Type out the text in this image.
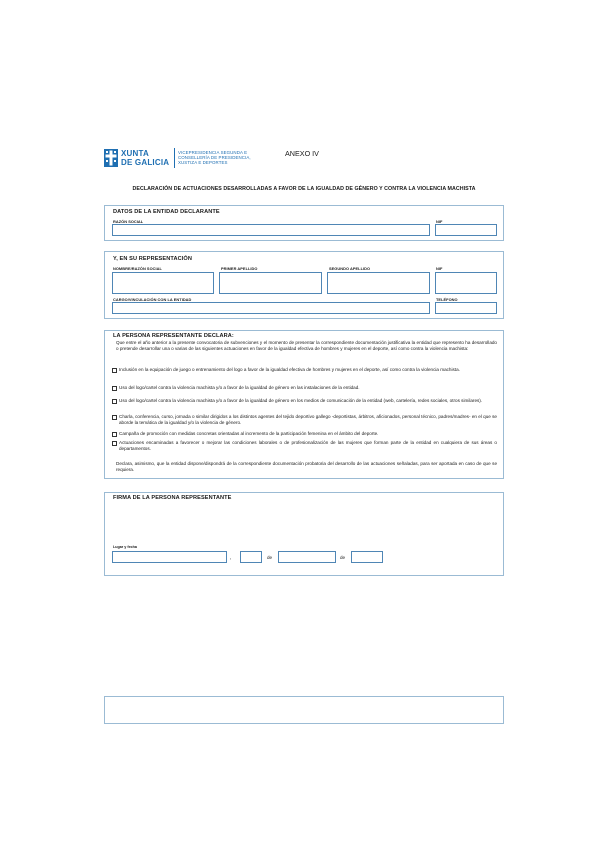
XUNTA
DE GALICIA
VICEPRESIDENCIA SEGUNDA E
CONSELLERÍA DE PRESIDENCIA,
XUSTIZA E DEPORTES
ANEXO IV
DECLARACIÓN DE ACTUACIONES DESARROLLADAS A FAVOR DE LA IGUALDAD DE GÉNERO Y CONTRA LA VIOLENCIA MACHISTA
DATOS DE LA ENTIDAD DECLARANTE
RAZÓN SOCIAL	NIF
Y, EN SU REPRESENTACIÓN
NOMBRE/RAZÓN SOCIAL	PRIMER APELLIDO	SEGUNDO APELLIDO	NIF
CARGO/VINCULACIÓN CON LA ENTIDAD	TELÉFONO
LA PERSONA REPRESENTANTE DECLARA:
Que entre el año anterior a la presente convocatoria de subvenciones y el momento de presentar la correspondiente documentación justificativa la entidad que represento ha desarrollado o pretende desarrollar una o varias de las siguientes actuaciones en favor de la igualdad efectiva de hombres y mujeres en el deporte, así como contra la violencia machista:
Inclusión en la equipación de juego o entrenamiento del logo a favor de la igualdad efectiva de hombres y mujeres en el deporte, así como contra la violencia machista.
Uso del logo/cartel contra la violencia machista y/o a favor de la igualdad de género en las instalaciones de la entidad.
Uso del logo/cartel contra la violencia machista y/o a favor de la igualdad de género en los medios de comunicación de la entidad (web, cartelería, redes sociales, otros similares).
Charla, conferencia, curso, jornada o similar dirigidos a los distintos agentes del tejido deportivo gallego -deportistas, árbitros, aficionados, personal técnico, padres/madres- en el que se aborde la temática de la igualdad y/o la violencia de género.
Campaña de promoción con medidas concretas orientadas al incremento de la participación femenina en el ámbito del deporte.
Actuaciones encaminadas a favorecer o mejorar las condiciones laborales o de profesionalización de las mujeres que forman parte de la entidad en cualquiera de sus áreas o departamentos.
Declara, asimismo, que la entidad dispone/dispondrá de la correspondiente documentación probatoria del desarrollo de las actuaciones señaladas, para ser aportada en caso de que se requiera.
FIRMA DE LA PERSONA REPRESENTANTE
Lugar y fecha
,	de	de
